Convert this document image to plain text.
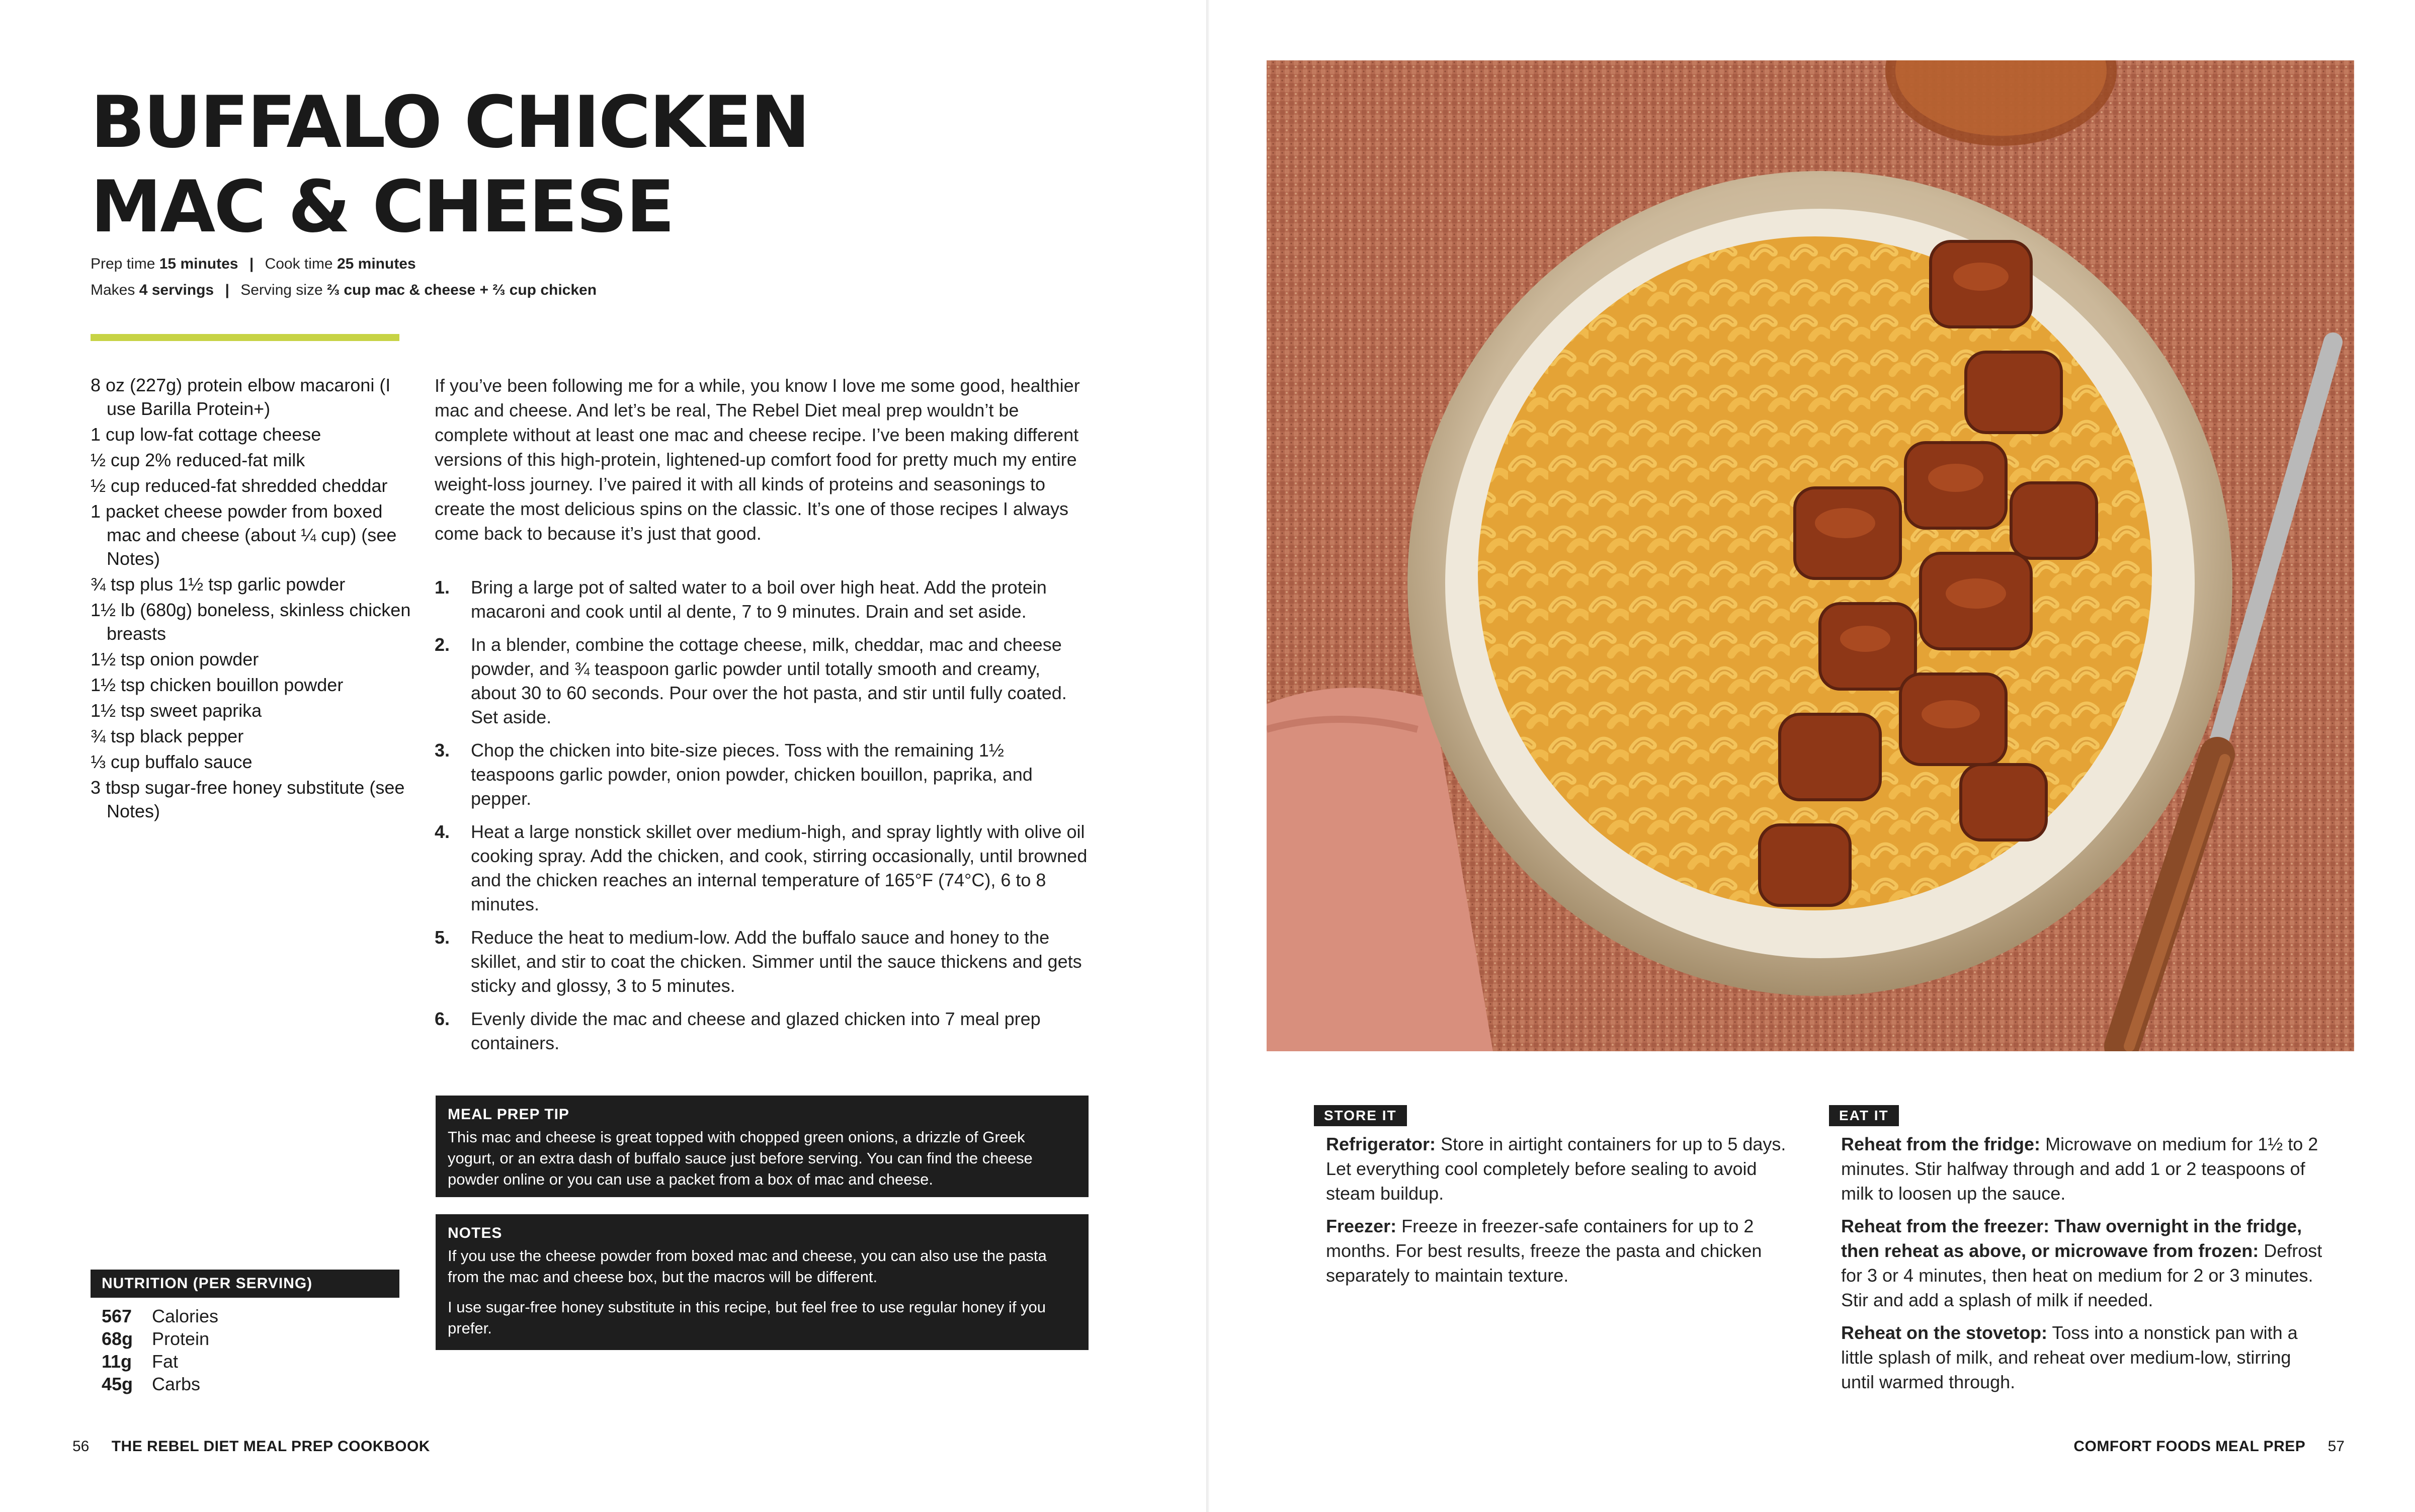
BUFFALO CHICKEN
MAC & CHEESE
Prep time 15 minutes | Cook time 25 minutes
Makes 4 servings | Serving size ⅔ cup mac & cheese + ⅔ cup chicken
8 oz (227g) protein elbow macaroni (I use Barilla Protein+)
1 cup low-fat cottage cheese
½ cup 2% reduced-fat milk
½ cup reduced-fat shredded cheddar
1 packet cheese powder from boxed mac and cheese (about ¼ cup) (see Notes)
¾ tsp plus 1½ tsp garlic powder
1½ lb (680g) boneless, skinless chicken breasts
1½ tsp onion powder
1½ tsp chicken bouillon powder
1½ tsp sweet paprika
¾ tsp black pepper
⅓ cup buffalo sauce
3 tbsp sugar-free honey substitute (see Notes)

If you’ve been following me for a while, you know I love me some good, healthier mac and cheese. And let’s be real, The Rebel Diet meal prep wouldn’t be complete without at least one mac and cheese recipe. I’ve been making different versions of this high-protein, lightened-up comfort food for pretty much my entire weight-loss journey. I’ve paired it with all kinds of proteins and seasonings to create the most delicious spins on the classic. It’s one of those recipes I always come back to because it’s just that good.

1. Bring a large pot of salted water to a boil over high heat. Add the protein macaroni and cook until al dente, 7 to 9 minutes. Drain and set aside.
2. In a blender, combine the cottage cheese, milk, cheddar, mac and cheese powder, and ¾ teaspoon garlic powder until totally smooth and creamy, about 30 to 60 seconds. Pour over the hot pasta, and stir until fully coated. Set aside.
3. Chop the chicken into bite-size pieces. Toss with the remaining 1½ teaspoons garlic powder, onion powder, chicken bouillon, paprika, and pepper.
4. Heat a large nonstick skillet over medium-high, and spray lightly with olive oil cooking spray. Add the chicken, and cook, stirring occasionally, until browned and the chicken reaches an internal temperature of 165°F (74°C), 6 to 8 minutes.
5. Reduce the heat to medium-low. Add the buffalo sauce and honey to the skillet, and stir to coat the chicken. Simmer until the sauce thickens and gets sticky and glossy, 3 to 5 minutes.
6. Evenly divide the mac and cheese and glazed chicken into 7 meal prep containers.
MEAL PREP TIP

This mac and cheese is great topped with chopped green onions, a drizzle of Greek yogurt, or an extra dash of buffalo sauce just before serving. You can find the cheese powder online or you can use a packet from a box of mac and cheese.

NOTES

If you use the cheese powder from boxed mac and cheese, you can also use the pasta from the mac and cheese box, but the macros will be different.

I use sugar-free honey substitute in this recipe, but feel free to use regular honey if you prefer.

NUTRITION (PER SERVING)
567	Calories
68g	Protein
11g	Fat
45g	Carbs
56 THE REBEL DIET MEAL PREP COOKBOOK
STORE IT

Refrigerator: Store in airtight containers for up to 5 days. Let everything cool completely before sealing to avoid steam buildup.

Freezer: Freeze in freezer-safe containers for up to 2 months. For best results, freeze the pasta and chicken separately to maintain texture.

EAT IT

Reheat from the fridge: Microwave on medium for 1½ to 2 minutes. Stir halfway through and add 1 or 2 teaspoons of milk to loosen up the sauce.

Reheat from the freezer: Thaw overnight in the fridge, then reheat as above, or microwave from frozen: Defrost for 3 or 4 minutes, then heat on medium for 2 or 3 minutes. Stir and add a splash of milk if needed.

Reheat on the stovetop: Toss into a nonstick pan with a little splash of milk, and reheat over medium-low, stirring until warmed through.

COMFORT FOODS MEAL PREP 57
